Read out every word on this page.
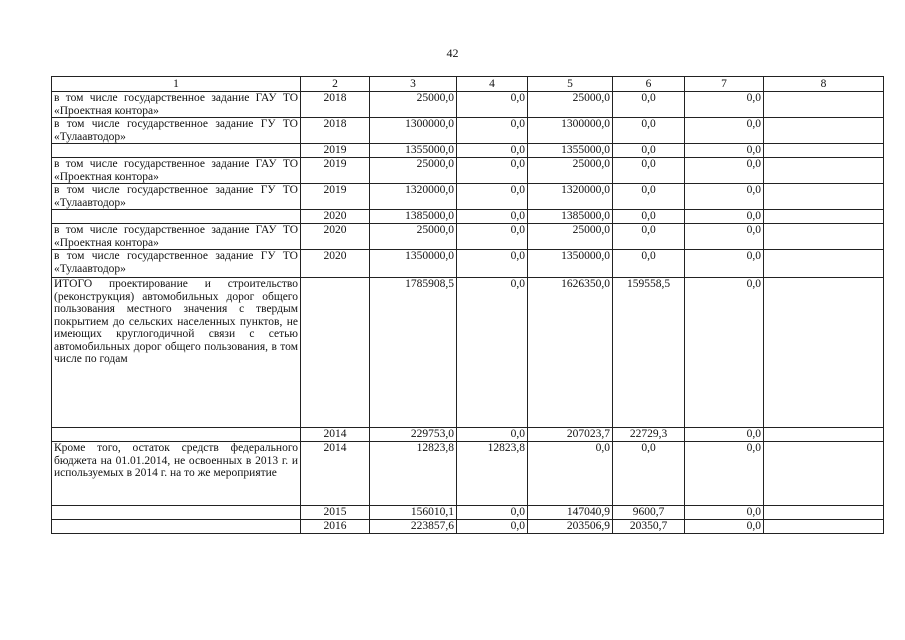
42
1	2	3	4	5	6	7	8
в том числе государственное задание ГАУ ТО «Проектная контора»	2018	25000,0	0,0	25000,0	0,0	0,0	
в том числе государственное задание ГУ ТО «Тулаавтодор»	2018	1300000,0	0,0	1300000,0	0,0	0,0	
	2019	1355000,0	0,0	1355000,0	0,0	0,0	
в том числе государственное задание ГАУ ТО «Проектная контора»	2019	25000,0	0,0	25000,0	0,0	0,0	
в том числе государственное задание ГУ ТО «Тулаавтодор»	2019	1320000,0	0,0	1320000,0	0,0	0,0	
	2020	1385000,0	0,0	1385000,0	0,0	0,0	
в том числе государственное задание ГАУ ТО «Проектная контора»	2020	25000,0	0,0	25000,0	0,0	0,0	
в том числе государственное задание ГУ ТО «Тулаавтодор»	2020	1350000,0	0,0	1350000,0	0,0	0,0	
ИТОГО проектирование и строительство (реконструкция) автомобильных дорог общего пользования местного значения с твердым покрытием до сельских населенных пунктов, не имеющих круглогодичной связи с сетью автомобильных дорог общего пользования, в том числе по годам		1785908,5	0,0	1626350,0	159558,5	0,0	
	2014	229753,0	0,0	207023,7	22729,3	0,0	
Кроме того, остаток средств федерального бюджета на 01.01.2014, не освоенных в 2013 г. и используемых в 2014 г. на то же мероприятие	2014	12823,8	12823,8	0,0	0,0	0,0	
	2015	156010,1	0,0	147040,9	9600,7	0,0	
	2016	223857,6	0,0	203506,9	20350,7	0,0	
